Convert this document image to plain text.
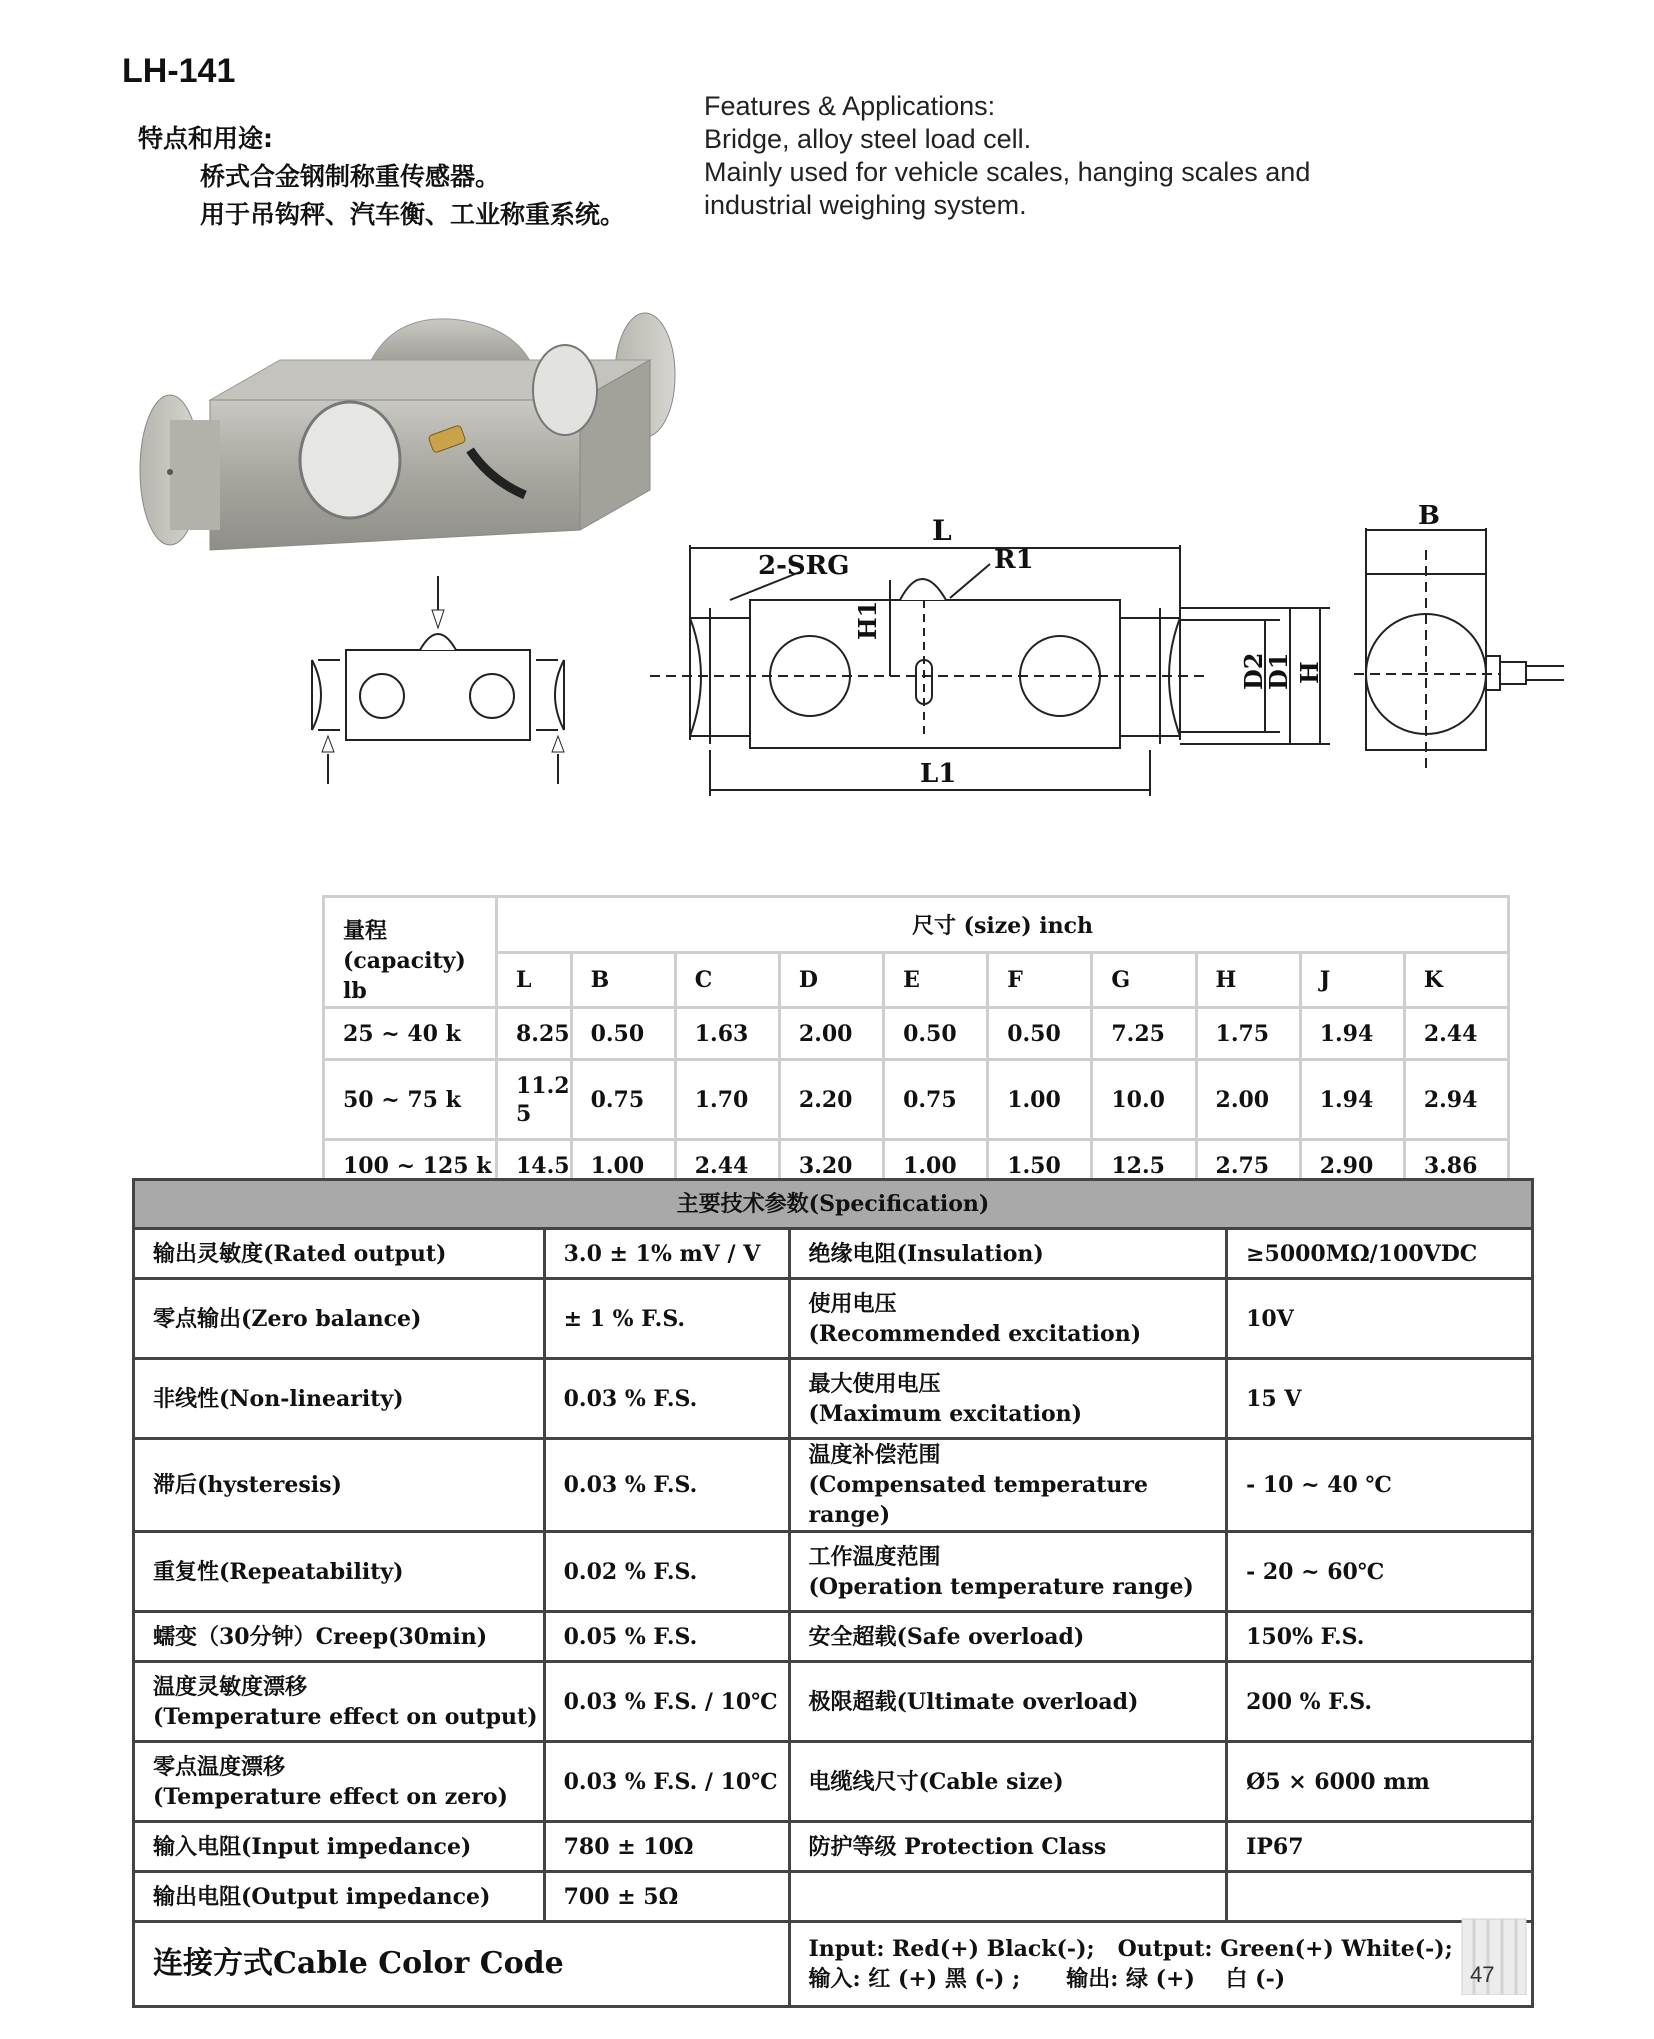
LH-141
特点和用途:
桥式合金钢制称重传感器。
用于吊钩秤、汽车衡、工业称重系统。
Features & Applications:
Bridge, alloy steel load cell.
Mainly used for vehicle scales, hanging scales and
industrial weighing system.
L
R1
2-SRG
H1
D2
D1 H
L1
B
量程
(capacity) lb	尺寸 (size) inch									
	L	B	C	D	E	F	G	H	J	K
25 ~ 40 k	8.25	0.50	1.63	2.00	0.50	0.50	7.25	1.75	1.94	2.44
50 ~ 75 k	11.2 5	0.75	1.70	2.20	0.75	1.00	10.0	2.00	1.94	2.94
100 ~ 125 k	14.5	1.00	2.44	3.20	1.00	1.50	12.5	2.75	2.90	3.86
主要技术参数(Specification)			

输出灵敏度(Rated output)	3.0 ± 1% mV / V	绝缘电阻(Insulation)	≥5000MΩ/100VDC

零点输出(Zero balance)	± 1 % F.S.	使用电压
(Recommended excitation)	10V

非线性(Non-linearity)	0.03 % F.S.	最大使用电压
(Maximum excitation)	15 V

滞后(hysteresis)	0.03 % F.S.	温度补偿范围
(Compensated temperature range)	- 10 ~ 40 ℃

重复性(Repeatability)	0.02 % F.S.	工作温度范围
(Operation temperature range)	- 20 ~ 60℃

蠕变（30分钟）Creep(30min)	0.05 % F.S.	安全超载(Safe overload)	150% F.S.

温度灵敏度漂移
(Temperature effect on output)	0.03 % F.S. / 10℃	极限超载(Ultimate overload)	200 % F.S.

零点温度漂移
(Temperature effect on zero)	0.03 % F.S. / 10℃	电缆线尺寸(Cable size)	Ø5 × 6000 mm

输入电阻(Input impedance)	780 ± 10Ω	防护等级 Protection Class	IP67

输出电阻(Output impedance)	700 ± 5Ω		

连接方式Cable Color Code		Input: Red(+) Black(-);   Output: Green(+) White(-);
输入: 红 (+) 黑 (-) ;      输出: 绿 (+)    白 (-)		47
